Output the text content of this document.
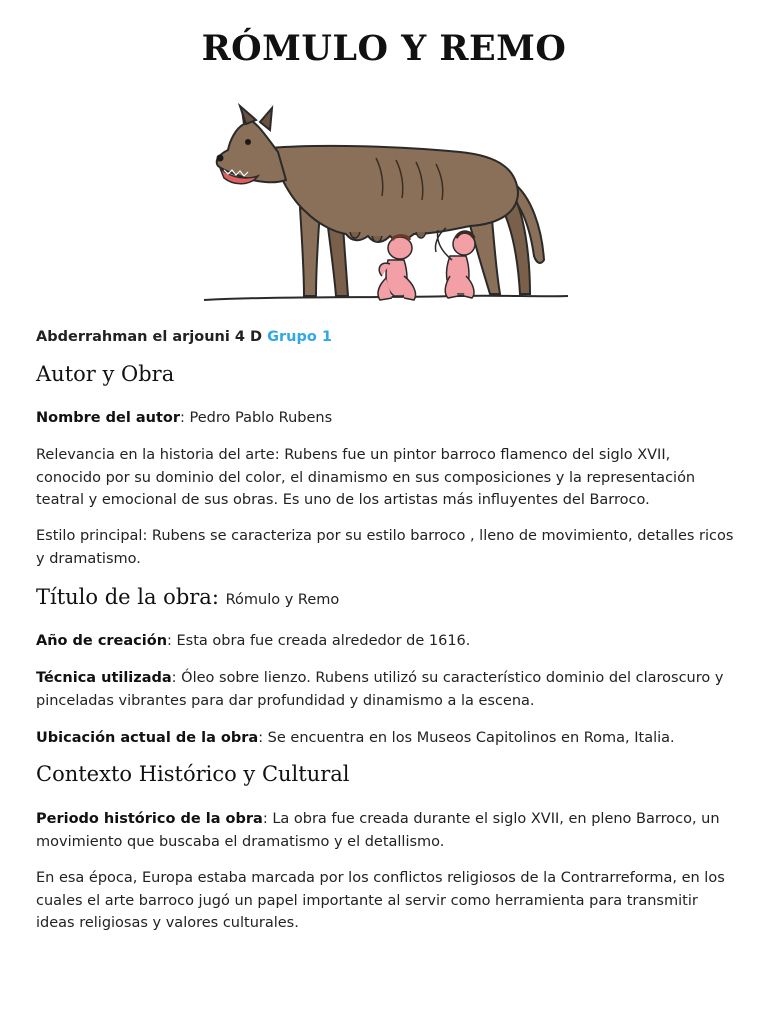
RÓMULO Y REMO

Abderrahman el arjouni 4 D Grupo 1

Autor y Obra

Nombre del autor: Pedro Pablo Rubens

Relevancia en la historia del arte: Rubens fue un pintor barroco flamenco del siglo XVII, conocido por su dominio del color, el dinamismo en sus composiciones y la representación teatral y emocional de sus obras. Es uno de los artistas más influyentes del Barroco.

Estilo principal: Rubens se caracteriza por su estilo barroco , lleno de movimiento, detalles ricos y dramatismo.

Título de la obra: Rómulo y Remo

Año de creación: Esta obra fue creada alrededor de 1616.

Técnica utilizada: Óleo sobre lienzo. Rubens utilizó su característico dominio del claroscuro y pinceladas vibrantes para dar profundidad y dinamismo a la escena.

Ubicación actual de la obra: Se encuentra en los Museos Capitolinos en Roma, Italia.

Contexto Histórico y Cultural

Periodo histórico de la obra: La obra fue creada durante el siglo XVII, en pleno Barroco, un movimiento que buscaba el dramatismo y el detallismo.

En esa época, Europa estaba marcada por los conflictos religiosos de la Contrarreforma, en los cuales el arte barroco jugó un papel importante al servir como herramienta para transmitir ideas religiosas y valores culturales.
